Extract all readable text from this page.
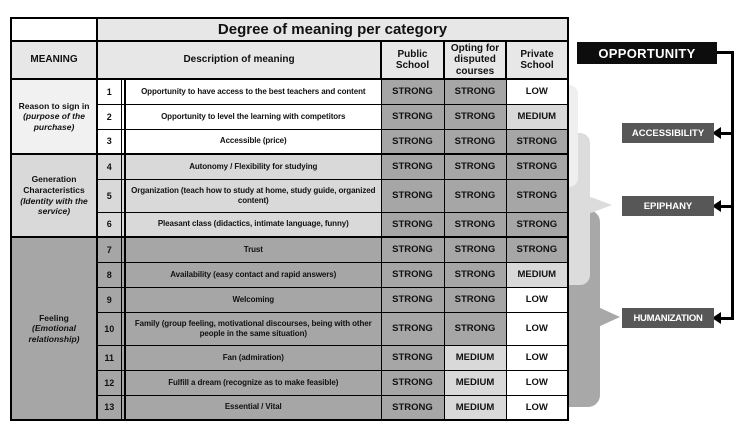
	Degree of meaning per category					
MEANING	Description of meaning			Public School	Opting for disputed courses	Private School

Reason to sign in
(purpose of the purchase)	1		Opportunity to have access to the best teachers and content	STRONG	STRONG	LOW
	2		Opportunity to level the learning with competitors	STRONG	STRONG	MEDIUM
	3		Accessible (price)	STRONG	STRONG	STRONG

Generation Characteristics
(Identity with the service)	4		Autonomy / Flexibility for studying	STRONG	STRONG	STRONG
	5		Organization (teach how to study at home, study guide, organized content)	STRONG	STRONG	STRONG
	6		Pleasant class (didactics, intimate language, funny)	STRONG	STRONG	STRONG

Feeling
(Emotional relationship)	7		Trust	STRONG	STRONG	STRONG
	8		Availability (easy contact and rapid answers)	STRONG	STRONG	MEDIUM
	9		Welcoming	STRONG	STRONG	LOW
	10		Family (group feeling, motivational discourses, being with other people in the same situation)	STRONG	STRONG	LOW
	11		Fan (admiration)	STRONG	MEDIUM	LOW
	12		Fulfill a dream (recognize as to make feasible)	STRONG	MEDIUM	LOW
	13		Essential / Vital	STRONG	MEDIUM	LOW
OPPORTUNITY
ACCESSIBILITY
EPIPHANY
HUMANIZATION
